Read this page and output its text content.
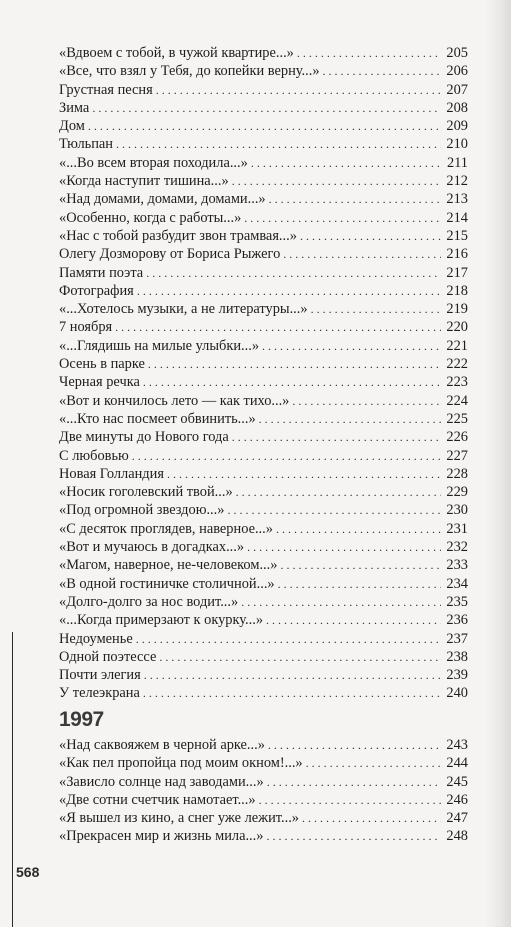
«Вдвоем с тобой, в чужой квартире...» . . .	205
«Все, что взял у Тебя, до копейки верну...» . . .	206
Грустная песня . . .	207
Зима . . .	208
Дом . . .	209
Тюльпан . . .	210
«...Во всем вторая походила...» . . .	211
«Когда наступит тишина...» . . .	212
«Над домами, домами, домами...» . . .	213
«Особенно, когда с работы...» . . .	214
«Нас с тобой разбудит звон трамвая...» . . .	215
Олегу Дозморову от Бориса Рыжего . . .	216
Памяти поэта . . .	217
Фотография . . .	218
«...Хотелось музыки, а не литературы...» . . .	219
7 ноября . . .	220
«...Глядишь на милые улыбки...» . . .	221
Осень в парке . . .	222
Черная речка . . .	223
«Вот и кончилось лето — как тихо...» . . .	224
«...Кто нас посмеет обвинить...» . . .	225
Две минуты до Нового года . . .	226
С любовью . . .	227
Новая Голландия . . .	228
«Носик гоголевский твой...» . . .	229
«Под огромной звездою...» . . .	230
«С десяток проглядев, наверное...» . . .	231
«Вот и мучаюсь в догадках...» . . .	232
«Магом, наверное, не-человеком...» . . .	233
«В одной гостиничке столичной...» . . .	234
«Долго-долго за нос водит...» . . .	235
«...Когда примерзают к окурку...» . . .	236
Недоуменье . . .	237
Одной поэтессе . . .	238
Почти элегия . . .	239
У телеэкрана . . .	240
1997
«Над саквояжем в черной арке...» . . .	243
«Как пел пропойца под моим окном!...» . . .	244
«Зависло солнце над заводами...» . . .	245
«Две сотни счетчик намотает...» . . .	246
«Я вышел из кино, а снег уже лежит...» . . .	247
«Прекрасен мир и жизнь мила...» . . .	248
568
